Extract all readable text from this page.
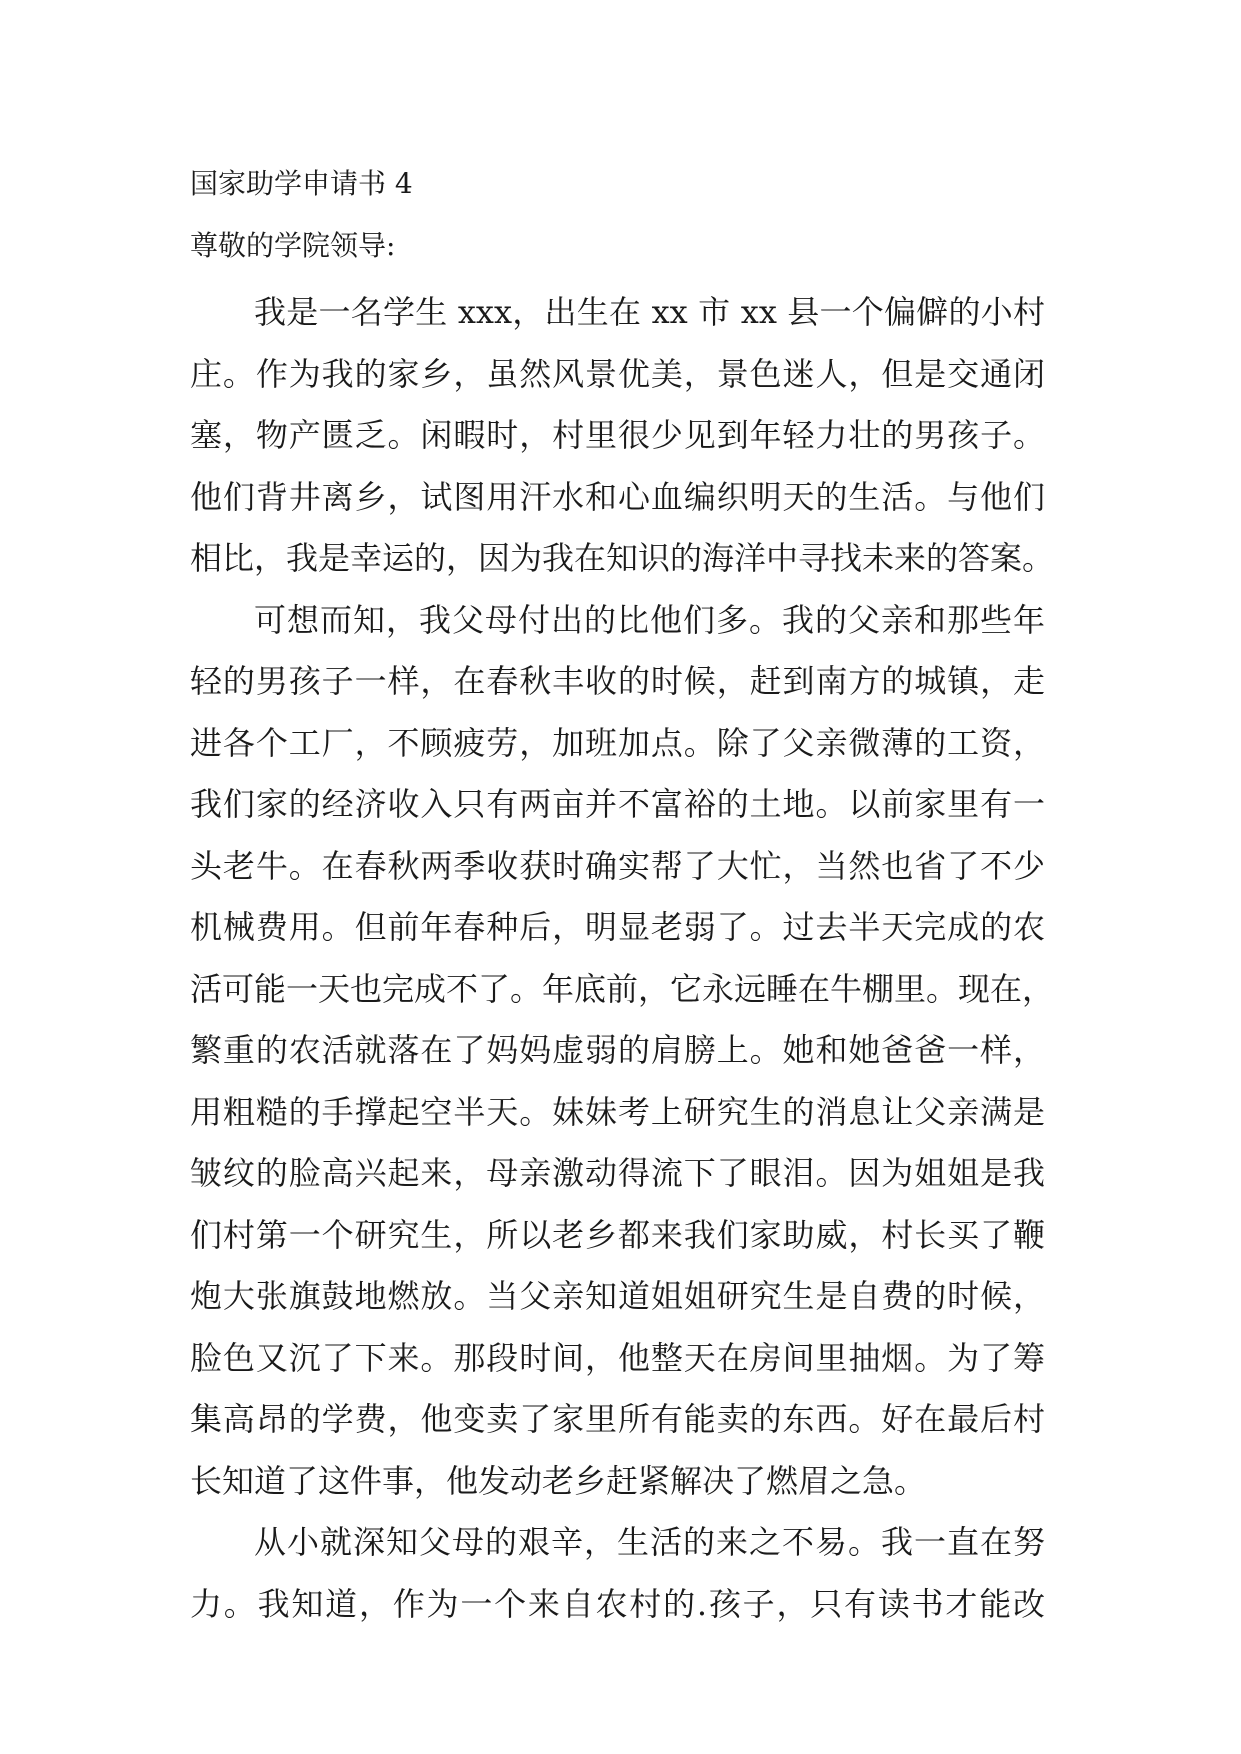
国家助学申请书 4
尊敬的学院领导:
我是一名学生 xxx，出生在 xx 市 xx 县一个偏僻的小村
庄。作为我的家乡，虽然风景优美，景色迷人，但是交通闭
塞，物产匮乏。闲暇时，村里很少见到年轻力壮的男孩子。
他们背井离乡，试图用汗水和心血编织明天的生活。与他们
相比，我是幸运的，因为我在知识的海洋中寻找未来的答案。
可想而知，我父母付出的比他们多。我的父亲和那些年
轻的男孩子一样，在春秋丰收的时候，赶到南方的城镇，走
进各个工厂，不顾疲劳，加班加点。除了父亲微薄的工资，
我们家的经济收入只有两亩并不富裕的土地。以前家里有一
头老牛。在春秋两季收获时确实帮了大忙，当然也省了不少
机械费用。但前年春种后，明显老弱了。过去半天完成的农
活可能一天也完成不了。年底前，它永远睡在牛棚里。现在，
繁重的农活就落在了妈妈虚弱的肩膀上。她和她爸爸一样，
用粗糙的手撑起空半天。妹妹考上研究生的消息让父亲满是
皱纹的脸高兴起来，母亲激动得流下了眼泪。因为姐姐是我
们村第一个研究生，所以老乡都来我们家助威，村长买了鞭
炮大张旗鼓地燃放。当父亲知道姐姐研究生是自费的时候，
脸色又沉了下来。那段时间，他整天在房间里抽烟。为了筹
集高昂的学费，他变卖了家里所有能卖的东西。好在最后村
长知道了这件事，他发动老乡赶紧解决了燃眉之急。
从小就深知父母的艰辛，生活的来之不易。我一直在努
力。我知道，作为一个来自农村的.孩子，只有读书才能改
